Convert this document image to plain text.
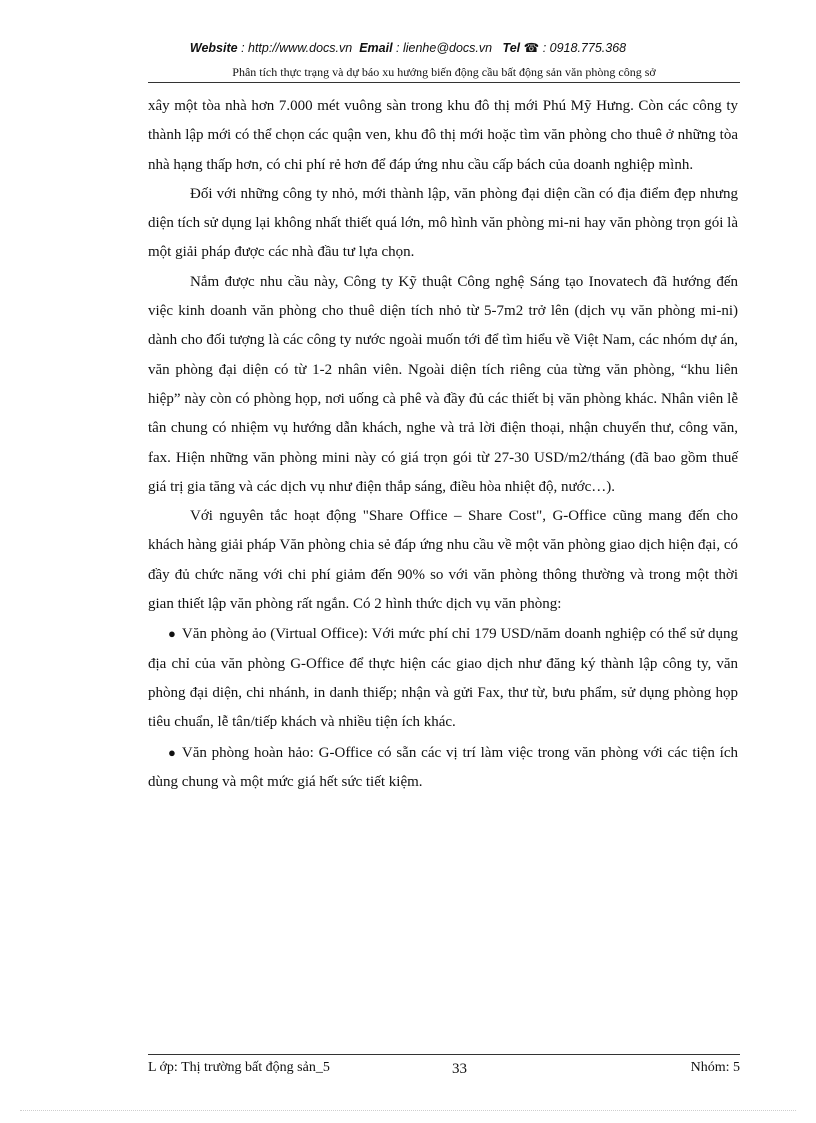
Website : http://www.docs.vn Email : lienhe@docs.vn Tel ☎ : 0918.775.368
Phân tích thực trạng và dự báo xu hướng biến động cầu bất động sản văn phòng công sở

xây một tòa nhà hơn 7.000 mét vuông sàn trong khu đô thị mới Phú Mỹ Hưng. Còn các công ty thành lập mới có thể chọn các quận ven, khu đô thị mới hoặc tìm văn phòng cho thuê ở những tòa nhà hạng thấp hơn, có chi phí rẻ hơn để đáp ứng nhu cầu cấp bách của doanh nghiệp mình.

Đối với những công ty nhỏ, mới thành lập, văn phòng đại diện cần có địa điểm đẹp nhưng diện tích sử dụng lại không nhất thiết quá lớn, mô hình văn phòng mi-ni hay văn phòng trọn gói là một giải pháp được các nhà đầu tư lựa chọn.

Nắm được nhu cầu này, Công ty Kỹ thuật Công nghệ Sáng tạo Inovatech đã hướng đến việc kinh doanh văn phòng cho thuê diện tích nhỏ từ 5-7m2 trở lên (dịch vụ văn phòng mi-ni) dành cho đối tượng là các công ty nước ngoài muốn tới để tìm hiểu về Việt Nam, các nhóm dự án, văn phòng đại diện có từ 1-2 nhân viên. Ngoài diện tích riêng của từng văn phòng, “khu liên hiệp” này còn có phòng họp, nơi uống cà phê và đầy đủ các thiết bị văn phòng khác. Nhân viên lễ tân chung có nhiệm vụ hướng dẫn khách, nghe và trả lời điện thoại, nhận chuyển thư, công văn, fax. Hiện những văn phòng mini này có giá trọn gói từ 27-30 USD/m2/tháng (đã bao gồm thuế giá trị gia tăng và các dịch vụ như điện thắp sáng, điều hòa nhiệt độ, nước…).

Với nguyên tắc hoạt động "Share Office – Share Cost", G-Office cũng mang đến cho khách hàng giải pháp Văn phòng chia sẻ đáp ứng nhu cầu về một văn phòng giao dịch hiện đại, có đầy đủ chức năng với chi phí giảm đến 90% so với văn phòng thông thường và trong một thời gian thiết lập văn phòng rất ngắn. Có 2 hình thức dịch vụ văn phòng:

● Văn phòng ảo (Virtual Office): Với mức phí chỉ 179 USD/năm doanh nghiệp có thể sử dụng địa chỉ của văn phòng G-Office để thực hiện các giao dịch như đăng ký thành lập công ty, văn phòng đại diện, chi nhánh, in danh thiếp; nhận và gửi Fax, thư từ, bưu phẩm, sử dụng phòng họp tiêu chuẩn, lễ tân/tiếp khách và nhiều tiện ích khác.

● Văn phòng hoàn hảo: G-Office có sẵn các vị trí làm việc trong văn phòng với các tiện ích dùng chung và một mức giá hết sức tiết kiệm.

L ớp: Thị trường bất động sản_5	33	Nhóm: 5
